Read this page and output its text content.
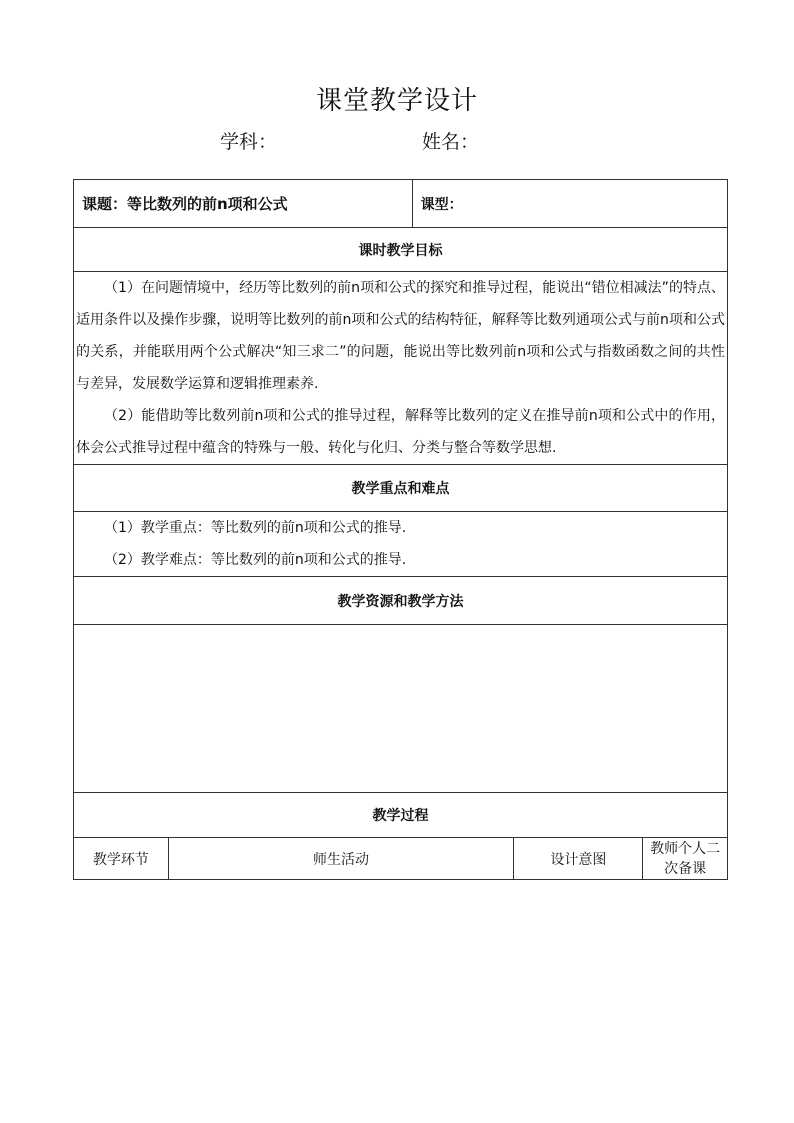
课堂教学设计
学科：	姓名：
课题：等比数列的前n项和公式		课型：		
课时教学目标				

（1）在问题情境中，经历等比数列的前n项和公式的探究和推导过程，能说出“错位相减法”的特点、适用条件以及操作步骤，说明等比数列的前n项和公式的结构特征，解释等比数列通项公式与前n项和公式的关系，并能联用两个公式解决“知三求二”的问题，能说出等比数列前n项和公式与指数函数之间的共性与差异，发展数学运算和逻辑推理素养.

（2）能借助等比数列前n项和公式的推导过程，解释等比数列的定义在推导前n项和公式中的作用，体会公式推导过程中蕴含的特殊与一般、转化与化归、分类与整合等数学思想.				

教学重点和难点				

（1）教学重点：等比数列的前n项和公式的推导.

（2）教学难点：等比数列的前n项和公式的推导.				

教学资源和教学方法				

教学过程				
教学环节	师生活动		设计意图	教师个人二次备课
